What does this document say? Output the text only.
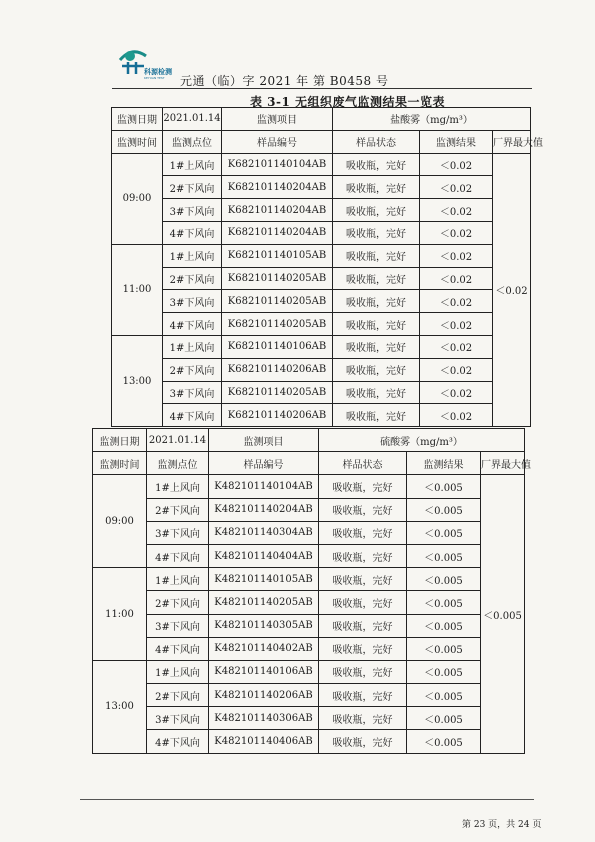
科源检测
KEYUAN TEST 元通（临）字 2021 年 第 B0458 号
表 3-1 无组织废气监测结果一览表
监测日期	2021.01.14	监测项目	盐酸雾（mg/m³）		
监测时间	监测点位	样品编号	样品状态	监测结果	厂界最大值
09:00	1#上风向	K682101140104AB	吸收瓶，完好	＜0.02	＜0.02
	2#下风向	K682101140204AB	吸收瓶，完好	＜0.02	
	3#下风向	K682101140204AB	吸收瓶，完好	＜0.02	
	4#下风向	K682101140204AB	吸收瓶，完好	＜0.02	
11:00	1#上风向	K682101140105AB	吸收瓶，完好	＜0.02	
	2#下风向	K682101140205AB	吸收瓶，完好	＜0.02	
	3#下风向	K682101140205AB	吸收瓶，完好	＜0.02	
	4#下风向	K682101140205AB	吸收瓶，完好	＜0.02	
13:00	1#上风向	K682101140106AB	吸收瓶，完好	＜0.02	
	2#下风向	K682101140206AB	吸收瓶，完好	＜0.02	
	3#下风向	K682101140205AB	吸收瓶，完好	＜0.02	
	4#下风向	K682101140206AB	吸收瓶，完好	＜0.02	
监测日期	2021.01.14	监测项目	硫酸雾（mg/m³）		
监测时间	监测点位	样品编号	样品状态	监测结果	厂界最大值
09:00	1#上风向	K482101140104AB	吸收瓶，完好	＜0.005	＜0.005
	2#下风向	K482101140204AB	吸收瓶，完好	＜0.005	
	3#下风向	K482101140304AB	吸收瓶，完好	＜0.005	
	4#下风向	K482101140404AB	吸收瓶，完好	＜0.005	
11:00	1#上风向	K482101140105AB	吸收瓶，完好	＜0.005	
	2#下风向	K482101140205AB	吸收瓶，完好	＜0.005	
	3#下风向	K482101140305AB	吸收瓶，完好	＜0.005	
	4#下风向	K482101140402AB	吸收瓶，完好	＜0.005	
13:00	1#上风向	K482101140106AB	吸收瓶，完好	＜0.005	
	2#下风向	K482101140206AB	吸收瓶，完好	＜0.005	
	3#下风向	K482101140306AB	吸收瓶，完好	＜0.005	
	4#下风向	K482101140406AB	吸收瓶，完好	＜0.005	
第 23 页，共 24 页
